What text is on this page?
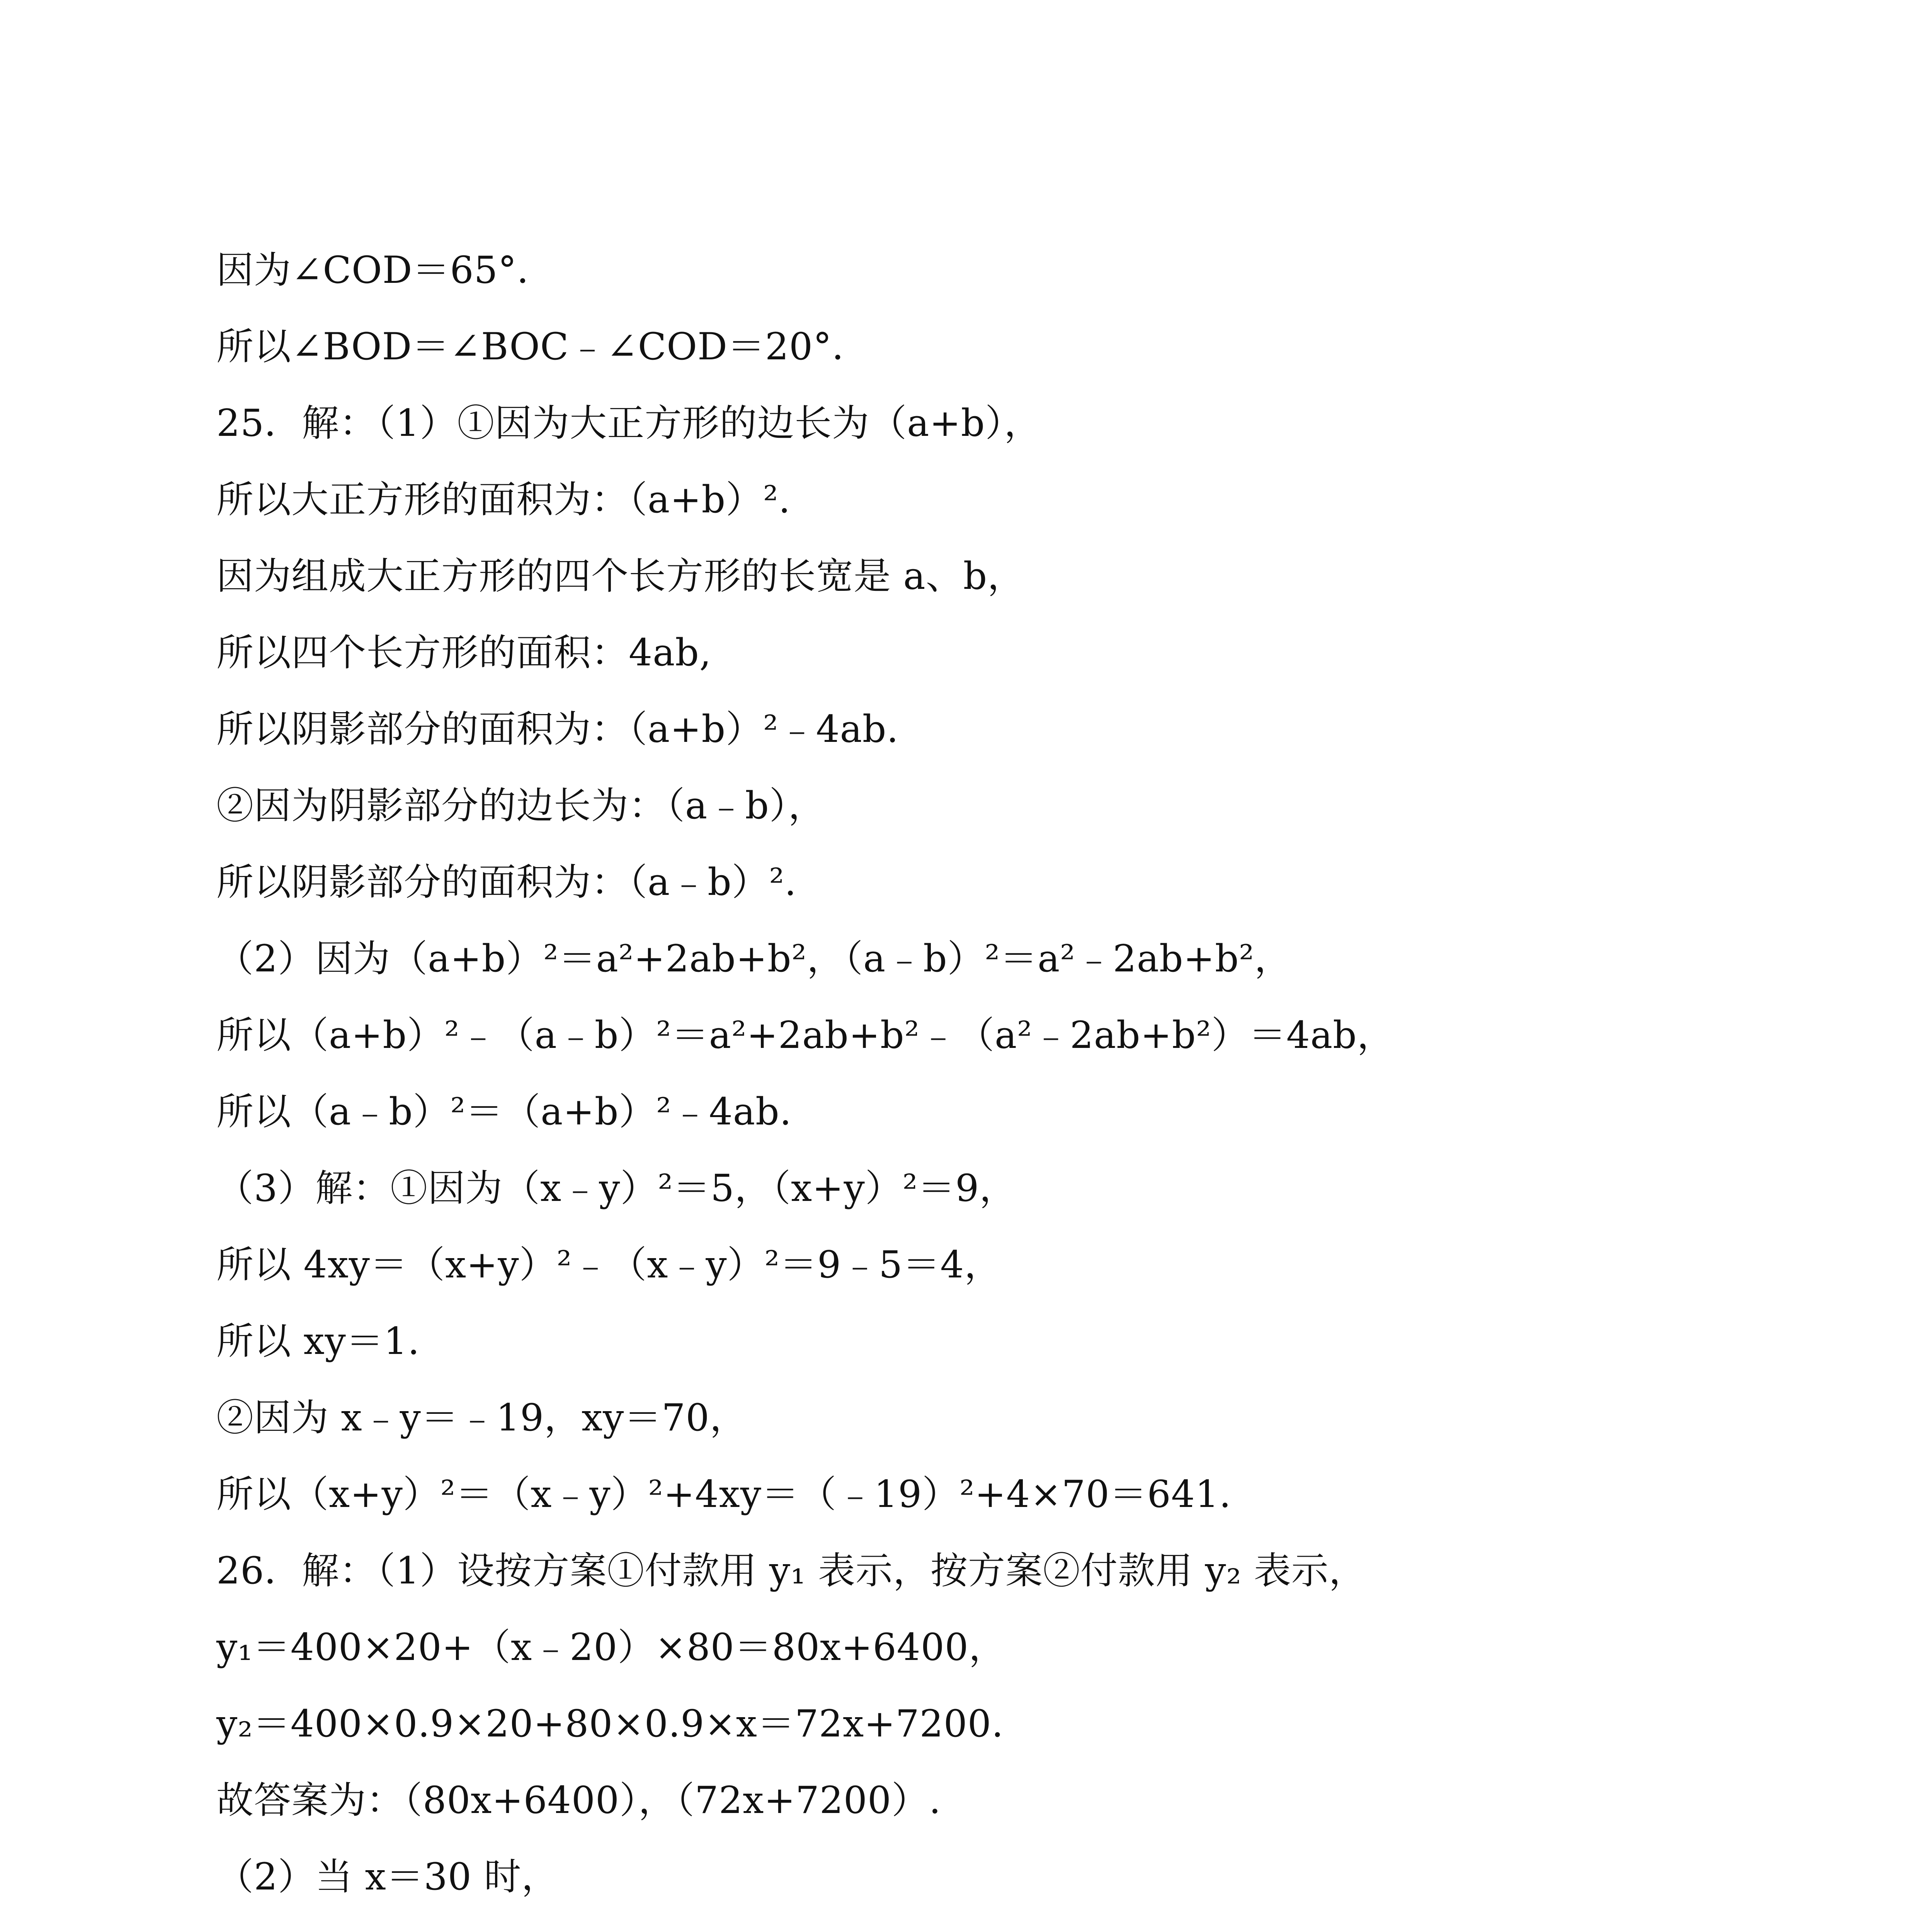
因为∠COD＝65°．
所以∠BOD＝∠BOC﹣∠COD＝20°．
25．解：（1）①因为大正方形的边长为（a+b），
所以大正方形的面积为：（a+b）².
因为组成大正方形的四个长方形的长宽是 a、b，
所以四个长方形的面积：4ab,
所以阴影部分的面积为：（a+b）²﹣4ab.
②因为阴影部分的边长为：（a﹣b），
所以阴影部分的面积为：（a﹣b）².
（2）因为（a+b）²＝a²+2ab+b²，（a﹣b）²＝a²﹣2ab+b²，
所以（a+b）²﹣（a﹣b）²＝a²+2ab+b²﹣（a²﹣2ab+b²）＝4ab，
所以（a﹣b）²＝（a+b）²﹣4ab.
（3）解：①因为（x﹣y）²＝5，（x+y）²＝9，
所以 4xy＝（x+y）²﹣（x﹣y）²＝9﹣5＝4，
所以 xy＝1.
②因为 x﹣y＝﹣19，xy＝70，
所以（x+y）²＝（x﹣y）²+4xy＝（﹣19）²+4×70＝641.
26．解：（1）设按方案①付款用 y₁ 表示，按方案②付款用 y₂ 表示，
y₁＝400×20+（x﹣20）×80＝80x+6400，
y₂＝400×0.9×20+80×0.9×x＝72x+7200.
故答案为：（80x+6400），（72x+7200）.
（2）当 x＝30 时，
